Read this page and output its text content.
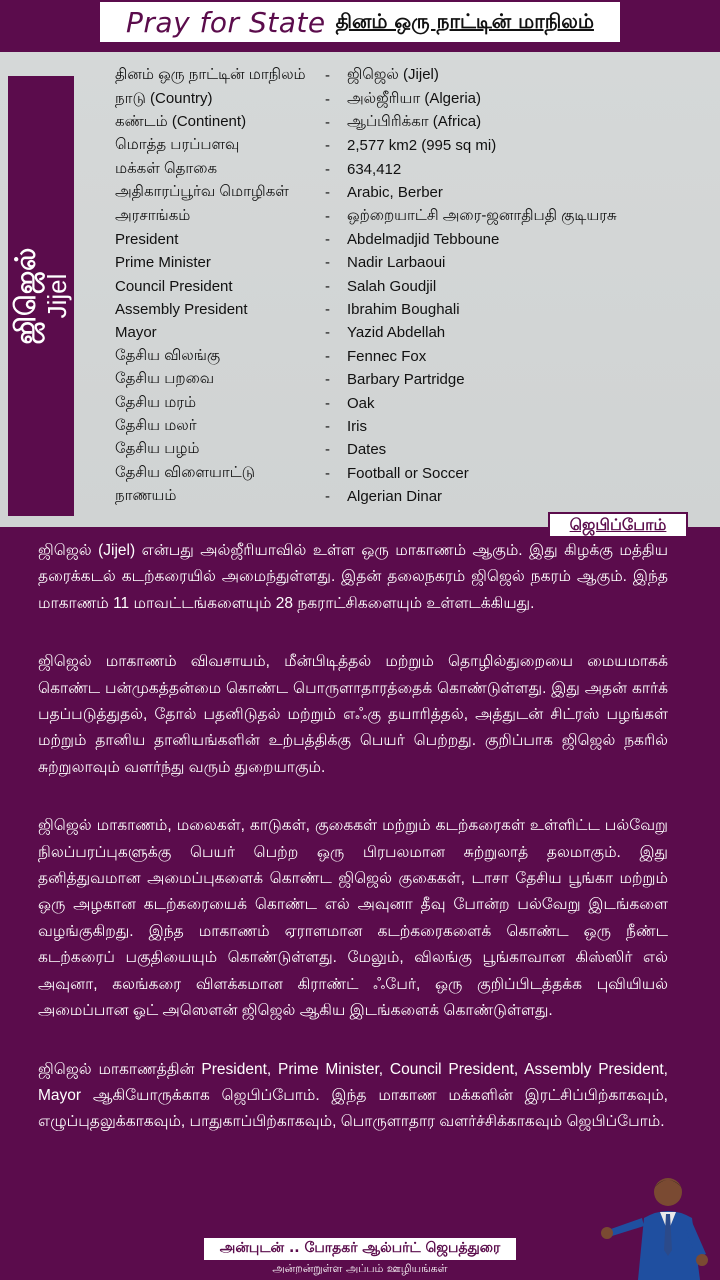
Pray for State தினம் ஒரு நாட்டின் மாநிலம்
ஜிஜெல் Jijel
தினம் ஒரு நாட்டின் மாநிலம்	-	ஜிஜெல் (Jijel)
நாடு (Country)	-	அல்ஜீரியா (Algeria)
கண்டம் (Continent)	-	ஆப்பிரிக்கா (Africa)
மொத்த பரப்பளவு	-	2,577 km2 (995 sq mi)
மக்கள் தொகை	-	634,412
அதிகாரப்பூர்வ மொழிகள்	-	Arabic, Berber
அரசாங்கம்	-	ஒற்றையாட்சி அரை-ஜனாதிபதி குடியரசு
President	-	Abdelmadjid Tebboune
Prime Minister	-	Nadir Larbaoui
Council President	-	Salah Goudjil
Assembly President	-	Ibrahim Boughali
Mayor	-	Yazid Abdellah
தேசிய விலங்கு	-	Fennec Fox
தேசிய பறவை	-	Barbary Partridge
தேசிய மரம்	-	Oak
தேசிய மலர்	-	Iris
தேசிய பழம்	-	Dates
தேசிய விளையாட்டு	-	Football or Soccer
நாணயம்	-	Algerian Dinar
ஜெபிப்போம்

ஜிஜெல் (Jijel) என்பது அல்ஜீரியாவில் உள்ள ஒரு மாகாணம் ஆகும். இது கிழக்கு மத்திய தரைக்கடல் கடற்கரையில் அமைந்துள்ளது. இதன் தலைநகரம் ஜிஜெல் நகரம் ஆகும். இந்த மாகாணம் 11 மாவட்டங்களையும் 28 நகராட்சிகளையும் உள்ளடக்கியது.

ஜிஜெல் மாகாணம் விவசாயம், மீன்பிடித்தல் மற்றும் தொழில்துறையை மையமாகக் கொண்ட பன்முகத்தன்மை கொண்ட பொருளாதாரத்தைக் கொண்டுள்ளது. இது அதன் கார்க் பதப்படுத்துதல், தோல் பதனிடுதல் மற்றும் எஃகு தயாரித்தல், அத்துடன் சிட்ரஸ் பழங்கள் மற்றும் தானிய தானியங்களின் உற்பத்திக்கு பெயர் பெற்றது. குறிப்பாக ஜிஜெல் நகரில் சுற்றுலாவும் வளர்ந்து வரும் துறையாகும்.

ஜிஜெல் மாகாணம், மலைகள், காடுகள், குகைகள் மற்றும் கடற்கரைகள் உள்ளிட்ட பல்வேறு நிலப்பரப்புகளுக்கு பெயர் பெற்ற ஒரு பிரபலமான சுற்றுலாத் தலமாகும். இது தனித்துவமான அமைப்புகளைக் கொண்ட ஜிஜெல் குகைகள், டாசா தேசிய பூங்கா மற்றும் ஒரு அழகான கடற்கரையைக் கொண்ட எல் அவுனா தீவு போன்ற பல்வேறு இடங்களை வழங்குகிறது. இந்த மாகாணம் ஏராளமான கடற்கரைகளைக் கொண்ட ஒரு நீண்ட கடற்கரைப் பகுதியையும் கொண்டுள்ளது. மேலும், விலங்கு பூங்காவான கிஸ்ஸிர் எல் அவுனா, கலங்கரை விளக்கமான கிராண்ட் ஃபேர், ஒரு குறிப்பிடத்தக்க புவியியல் அமைப்பான ஓட் அஸெளன் ஜிஜெல் ஆகிய இடங்களைக் கொண்டுள்ளது.

ஜிஜெல் மாகாணத்தின் President, Prime Minister, Council President, Assembly President, Mayor ஆகியோருக்காக ஜெபிப்போம். இந்த மாகாண மக்களின் இரட்சிப்பிற்காகவும், எழுப்புதலுக்காகவும், பாதுகாப்பிற்காகவும், பொருளாதார வளர்ச்சிக்காகவும் ஜெபிப்போம்.

அன்புடன் .. போதகர் ஆல்பர்ட் ஜெபத்துரை
அன்றன்றுள்ள அப்பம் ஊழியங்கள்
